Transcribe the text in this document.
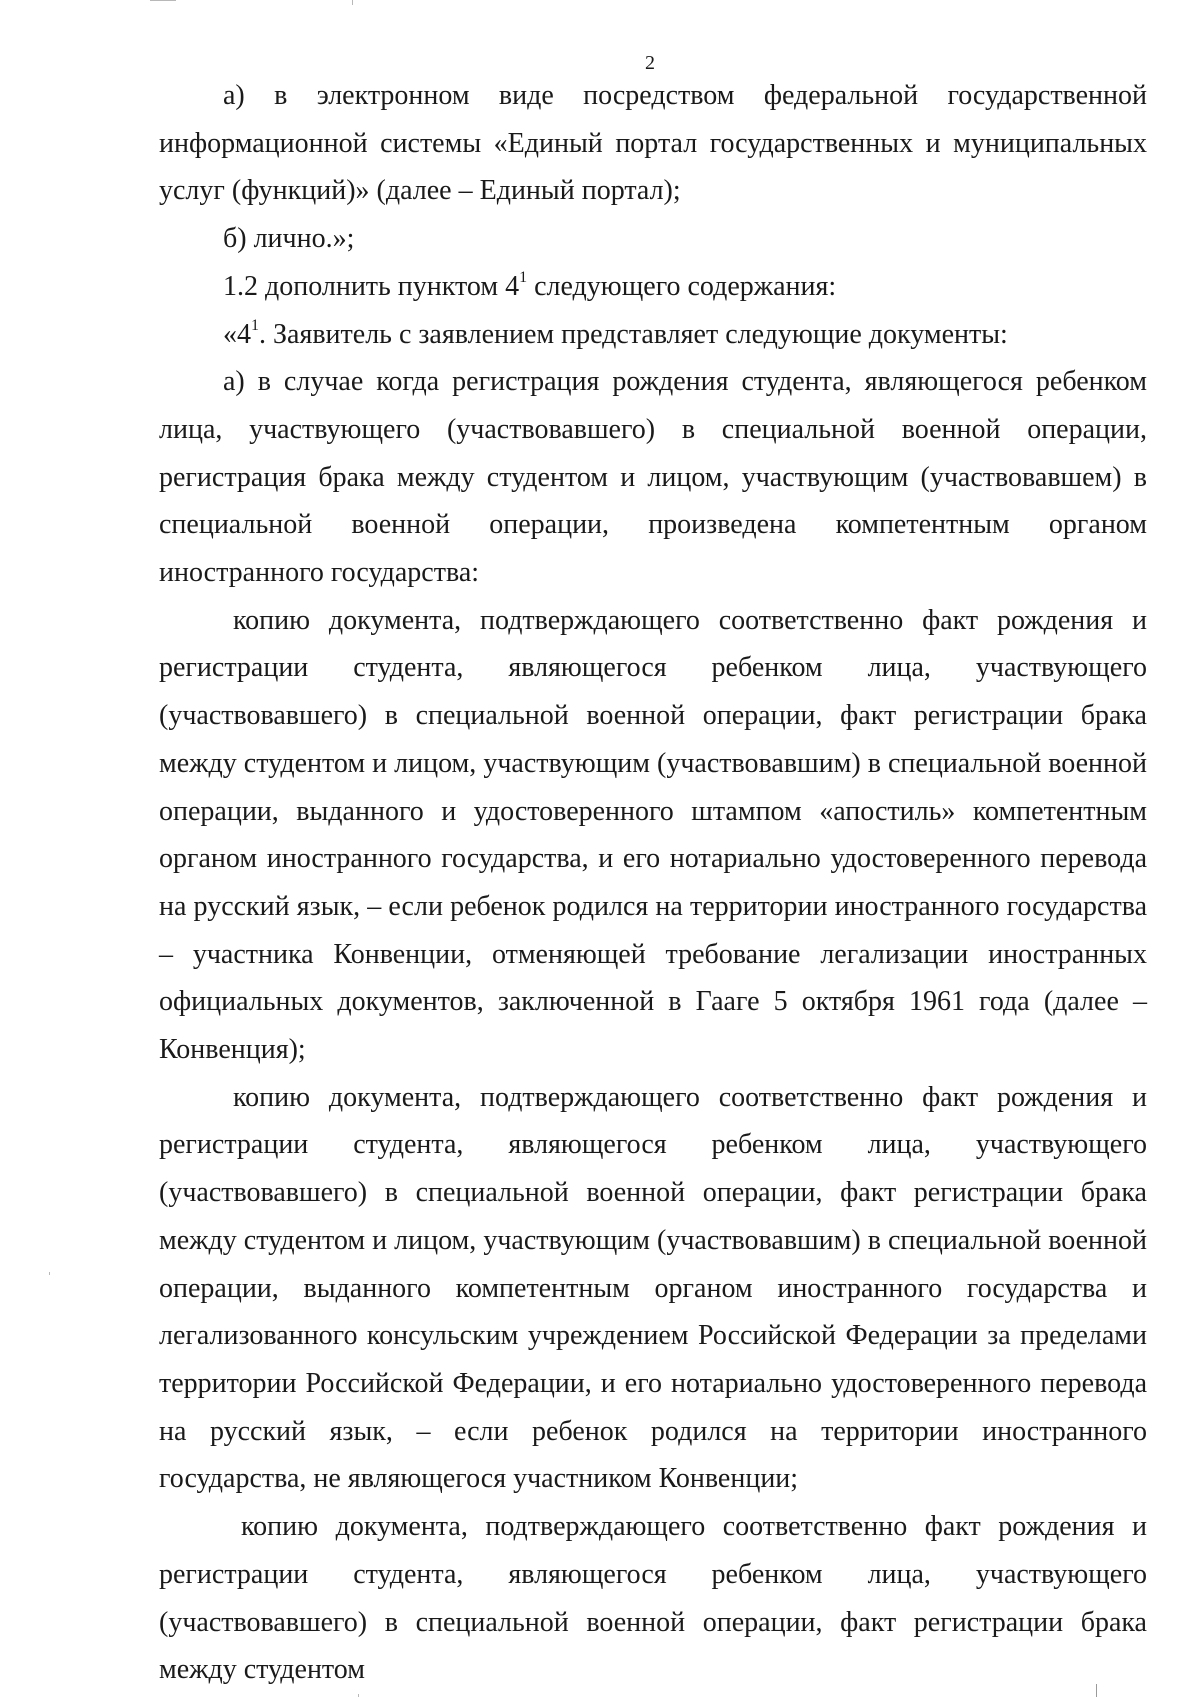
2

а) в электронном виде посредством федеральной государственной информационной системы «Единый портал государственных и муниципальных услуг (функций)» (далее – Единый портал);

б) лично.»;

1.2 дополнить пунктом $4^1$ следующего содержания:

«$4^1$. Заявитель с заявлением представляет следующие документы:

а) в случае когда регистрация рождения студента, являющегося ребенком лица, участвующего (участвовавшего) в специальной военной операции, регистрация брака между студентом и лицом, участвующим (участвовавшем) в специальной военной операции, произведена компетентным органом иностранного государства:

копию документа, подтверждающего соответственно факт рождения и регистрации студента, являющегося ребенком лица, участвующего (участвовавшего) в специальной военной операции, факт регистрации брака между студентом и лицом, участвующим (участвовавшим) в специальной военной операции, выданного и удостоверенного штампом «апостиль» компетентным органом иностранного государства, и его нотариально удостоверенного перевода на русский язык, – если ребенок родился на территории иностранного государства – участника Конвенции, отменяющей требование легализации иностранных официальных документов, заключенной в Гааге 5 октября 1961 года (далее – Конвенция);

копию документа, подтверждающего соответственно факт рождения и регистрации студента, являющегося ребенком лица, участвующего (участвовавшего) в специальной военной операции, факт регистрации брака между студентом и лицом, участвующим (участвовавшим) в специальной военной операции, выданного компетентным органом иностранного государства и легализованного консульским учреждением Российской Федерации за пределами территории Российской Федерации, и его нотариально удостоверенного перевода на русский язык, – если ребенок родился на территории иностранного государства, не являющегося участником Конвенции;

копию документа, подтверждающего соответственно факт рождения и регистрации студента, являющегося ребенком лица, участвующего (участвовавшего) в специальной военной операции, факт регистрации брака между студентом
